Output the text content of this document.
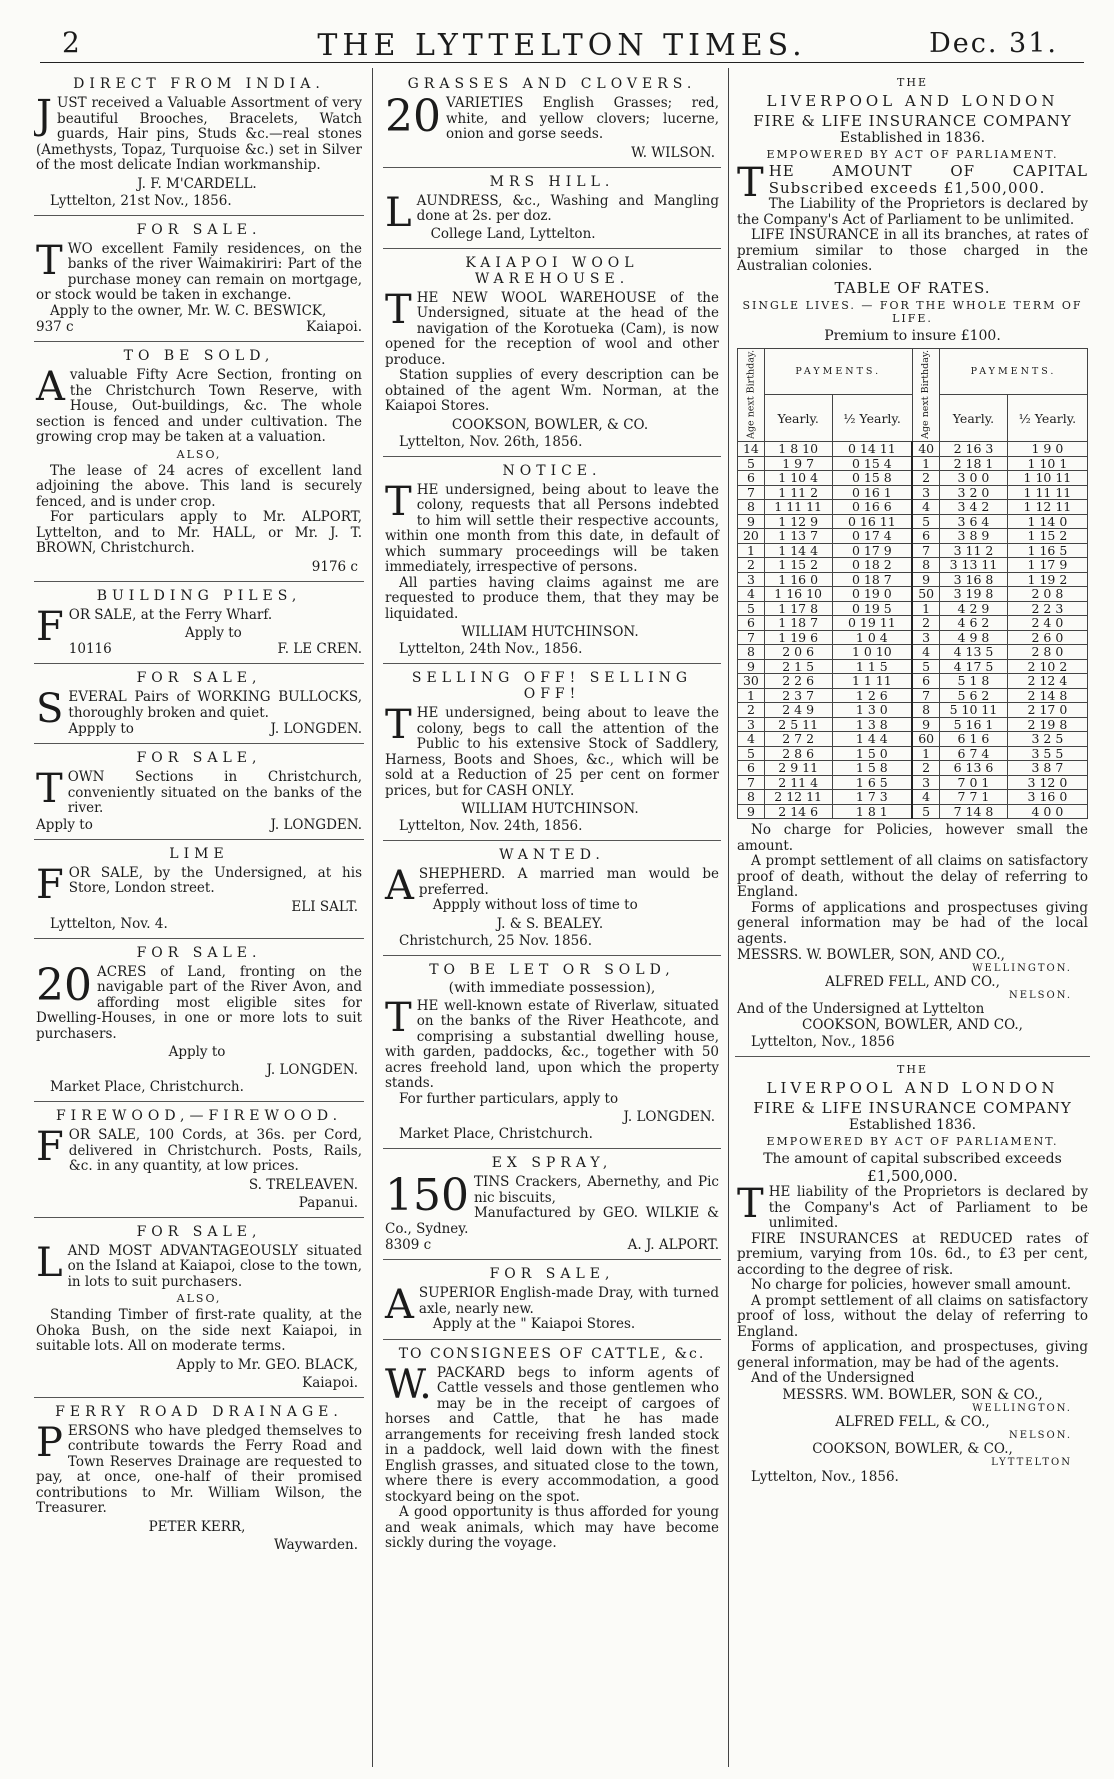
2	THE LYTTELTON TIMES.	Dec. 31.
DIRECT FROM INDIA.

JUST received a Valuable Assortment of very beautiful Brooches, Bracelets, Watch guards, Hair pins, Studs &c.—real stones (Amethysts, Topaz, Turquoise &c.) set in Silver of the most delicate Indian workmanship.

J. F. M'CARDELL.
Lyttelton, 21st Nov., 1856.
FOR SALE.

TWO excellent Family residences, on the banks of the river Waimakiriri: Part of the purchase money can remain on mortgage, or stock would be taken in exchange.

Apply to the owner, Mr. W. C. BESWICK,

937 c	Kaiapoi.
TO BE SOLD,

Avaluable Fifty Acre Section, fronting on the Christchurch Town Reserve, with House, Out-buildings, &c. The whole section is fenced and under cultivation. The growing crop may be taken at a valuation.

ALSO,

The lease of 24 acres of excellent land adjoining the above. This land is securely fenced, and is under crop.

For particulars apply to Mr. ALPORT, Lyttelton, and to Mr. HALL, or Mr. J. T. BROWN, Christchurch.

9176 c
BUILDING PILES,

FOR SALE, at the Ferry Wharf.

Apply to
10116	F. LE CREN.
FOR SALE,

SEVERAL Pairs of WORKING BULLOCKS, thoroughly broken and quiet.

Appply to	J. LONGDEN.
FOR SALE,

TOWN Sections in Christchurch, conveniently situated on the banks of the river.

Apply to	J. LONGDEN.
LIME

FOR SALE, by the Undersigned, at his Store, London street.

ELI SALT.
Lyttelton, Nov. 4.
FOR SALE.

20 ACRES of Land, fronting on the navigable part of the River Avon, and affording most eligible sites for Dwelling-Houses, in one or more lots to suit purchasers.

Apply to
J. LONGDEN.
Market Place, Christchurch.
FIREWOOD,—FIREWOOD.

FOR SALE, 100 Cords, at 36s. per Cord, delivered in Christchurch. Posts, Rails, &c. in any quantity, at low prices.

S. TRELEAVEN.
Papanui.
FOR SALE,

LAND MOST ADVANTAGEOUSLY situated on the Island at Kaiapoi, close to the town, in lots to suit purchasers.

ALSO,

Standing Timber of first-rate quality, at the Ohoka Bush, on the side next Kaiapoi, in suitable lots. All on moderate terms.

Apply to Mr. GEO. BLACK,
Kaiapoi.
FERRY ROAD DRAINAGE.

PERSONS who have pledged themselves to contribute towards the Ferry Road and Town Reserves Drainage are requested to pay, at once, one-half of their promised contributions to Mr. William Wilson, the Treasurer.

PETER KERR,
Waywarden.
GRASSES AND CLOVERS.

20 VARIETIES English Grasses; red, white, and yellow clovers; lucerne, onion and gorse seeds.

W. WILSON.
MRS HILL.

LAUNDRESS, &c., Washing and Mangling done at 2s. per doz.

College Land, Lyttelton.
KAIAPOI WOOL WAREHOUSE.

THE NEW WOOL WAREHOUSE of the Undersigned, situate at the head of the navigation of the Korotueka (Cam), is now opened for the reception of wool and other produce.

Station supplies of every description can be obtained of the agent Wm. Norman, at the Kaiapoi Stores.

COOKSON, BOWLER, & CO.
Lyttelton, Nov. 26th, 1856.
NOTICE.

THE undersigned, being about to leave the colony, requests that all Persons indebted to him will settle their respective accounts, within one month from this date, in default of which summary proceedings will be taken immediately, irrespective of persons.

All parties having claims against me are requested to produce them, that they may be liquidated.

WILLIAM HUTCHINSON.
Lyttelton, 24th Nov., 1856.
SELLING OFF! SELLING OFF!

THE undersigned, being about to leave the colony, begs to call the attention of the Public to his extensive Stock of Saddlery, Harness, Boots and Shoes, &c., which will be sold at a Reduction of 25 per cent on former prices, but for CASH ONLY.

WILLIAM HUTCHINSON.
Lyttelton, Nov. 24th, 1856.
WANTED.

ASHEPHERD. A married man would be preferred.

Appply without loss of time to

J. & S. BEALEY.
Christchurch, 25 Nov. 1856.
TO BE LET OR SOLD,
(with immediate possession),

THE well-known estate of Riverlaw, situated on the banks of the River Heathcote, and comprising a substantial dwelling house, with garden, paddocks, &c., together with 50 acres freehold land, upon which the property stands.

For further particulars, apply to

J. LONGDEN.
Market Place, Christchurch.
EX SPRAY,

150 TINS Crackers, Abernethy, and Pic nic biscuits,

Manufactured by GEO. WILKIE & Co., Sydney.

8309 c	A. J. ALPORT.
FOR SALE,

ASUPERIOR English-made Dray, with turned axle, nearly new.

Apply at the " Kaiapoi Stores.

TO CONSIGNEES OF CATTLE, &c.

W. PACKARD begs to inform agents of Cattle vessels and those gentlemen who may be in the receipt of cargoes of horses and Cattle, that he has made arrangements for receiving fresh landed stock in a paddock, well laid down with the finest English grasses, and situated close to the town, where there is every accommodation, a good stockyard being on the spot.

A good opportunity is thus afforded for young and weak animals, which may have become sickly during the voyage.

THE
LIVERPOOL AND LONDON
FIRE & LIFE INSURANCE COMPANY
Established in 1836.
EMPOWERED BY ACT OF PARLIAMENT.

THE AMOUNT OF CAPITAL Subscribed exceeds £1,500,000.

The Liability of the Proprietors is declared by the Company's Act of Parliament to be unlimited.

LIFE INSURANCE in all its branches, at rates of premium similar to those charged in the Australian colonies.

TABLE OF RATES.
SINGLE LIVES. — FOR THE WHOLE TERM OF LIFE.
Premium to insure £100.
Age next Birthday.	PAYMENTS.		Age next Birthday.	PAYMENTS.	
	Yearly.	½ Yearly.		Yearly.	½ Yearly.
14	1 8 10	0 14 11	40	2 16 3	1 9 0
5	1 9 7	0 15 4	1	2 18 1	1 10 1
6	1 10 4	0 15 8	2	3 0 0	1 10 11
7	1 11 2	0 16 1	3	3 2 0	1 11 11
8	1 11 11	0 16 6	4	3 4 2	1 12 11
9	1 12 9	0 16 11	5	3 6 4	1 14 0
20	1 13 7	0 17 4	6	3 8 9	1 15 2
1	1 14 4	0 17 9	7	3 11 2	1 16 5
2	1 15 2	0 18 2	8	3 13 11	1 17 9
3	1 16 0	0 18 7	9	3 16 8	1 19 2
4	1 16 10	0 19 0	50	3 19 8	2 0 8
5	1 17 8	0 19 5	1	4 2 9	2 2 3
6	1 18 7	0 19 11	2	4 6 2	2 4 0
7	1 19 6	1 0 4	3	4 9 8	2 6 0
8	2 0 6	1 0 10	4	4 13 5	2 8 0
9	2 1 5	1 1 5	5	4 17 5	2 10 2
30	2 2 6	1 1 11	6	5 1 8	2 12 4
1	2 3 7	1 2 6	7	5 6 2	2 14 8
2	2 4 9	1 3 0	8	5 10 11	2 17 0
3	2 5 11	1 3 8	9	5 16 1	2 19 8
4	2 7 2	1 4 4	60	6 1 6	3 2 5
5	2 8 6	1 5 0	1	6 7 4	3 5 5
6	2 9 11	1 5 8	2	6 13 6	3 8 7
7	2 11 4	1 6 5	3	7 0 1	3 12 0
8	2 12 11	1 7 3	4	7 7 1	3 16 0
9	2 14 6	1 8 1	5	7 14 8	4 0 0

No charge for Policies, however small the amount.

A prompt settlement of all claims on satisfactory proof of death, without the delay of referring to England.

Forms of applications and prospectuses giving general information may be had of the local agents.

MESSRS. W. BOWLER, SON, AND CO.,
WELLINGTON.
ALFRED FELL, AND CO.,
NELSON.
And of the Undersigned at Lyttelton
COOKSON, BOWLER, AND CO.,
Lyttelton, Nov., 1856
THE
LIVERPOOL AND LONDON
FIRE & LIFE INSURANCE COMPANY
Established 1836.
EMPOWERED BY ACT OF PARLIAMENT.
The amount of capital subscribed exceeds
£1,500,000.

THE liability of the Proprietors is declared by the Company's Act of Parliament to be unlimited.

FIRE INSURANCES at REDUCED rates of premium, varying from 10s. 6d., to £3 per cent, according to the degree of risk.

No charge for policies, however small amount.

A prompt settlement of all claims on satisfactory proof of loss, without the delay of referring to England.

Forms of application, and prospectuses, giving general information, may be had of the agents.

And of the Undersigned

MESSRS. WM. BOWLER, SON & CO.,
WELLINGTON.
ALFRED FELL, & CO.,
NELSON.
COOKSON, BOWLER, & CO.,
LYTTELTON
Lyttelton, Nov., 1856.
